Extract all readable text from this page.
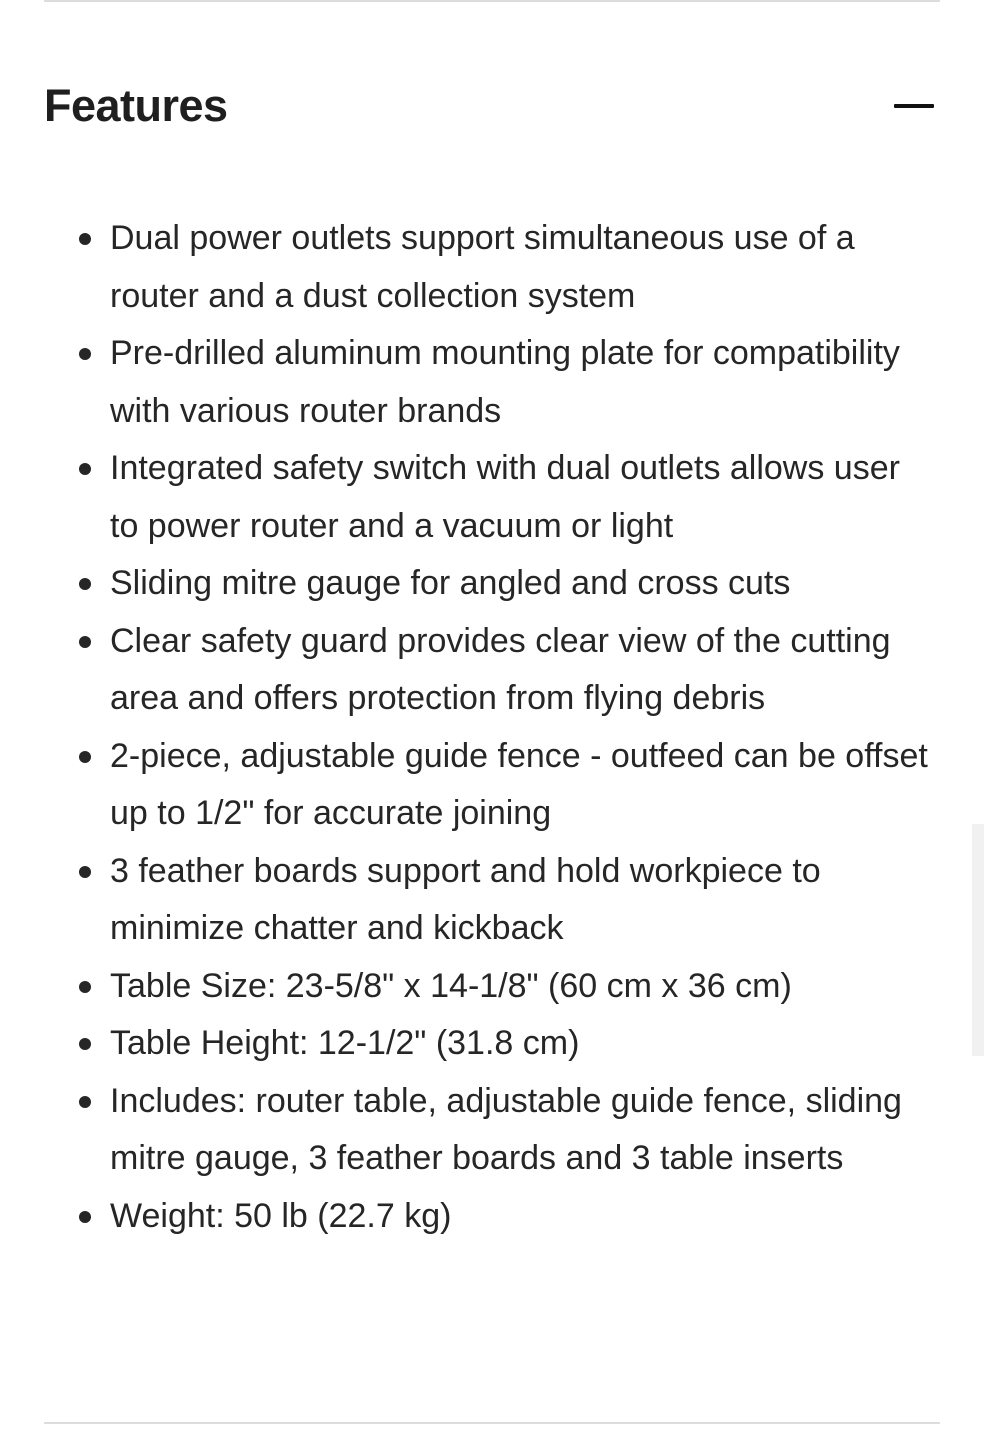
Features
Dual power outlets support simultaneous use of a router and a dust collection system
Pre-drilled aluminum mounting plate for compatibility with various router brands
Integrated safety switch with dual outlets allows user to power router and a vacuum or light
Sliding mitre gauge for angled and cross cuts
Clear safety guard provides clear view of the cutting area and offers protection from flying debris
2-piece, adjustable guide fence - outfeed can be offset up to 1/2" for accurate joining
3 feather boards support and hold workpiece to minimize chatter and kickback
Table Size: 23-5/8" x 14-1/8" (60 cm x 36 cm)
Table Height: 12-1/2" (31.8 cm)
Includes: router table, adjustable guide fence, sliding mitre gauge, 3 feather boards and 3 table inserts
Weight: 50 lb (22.7 kg)
